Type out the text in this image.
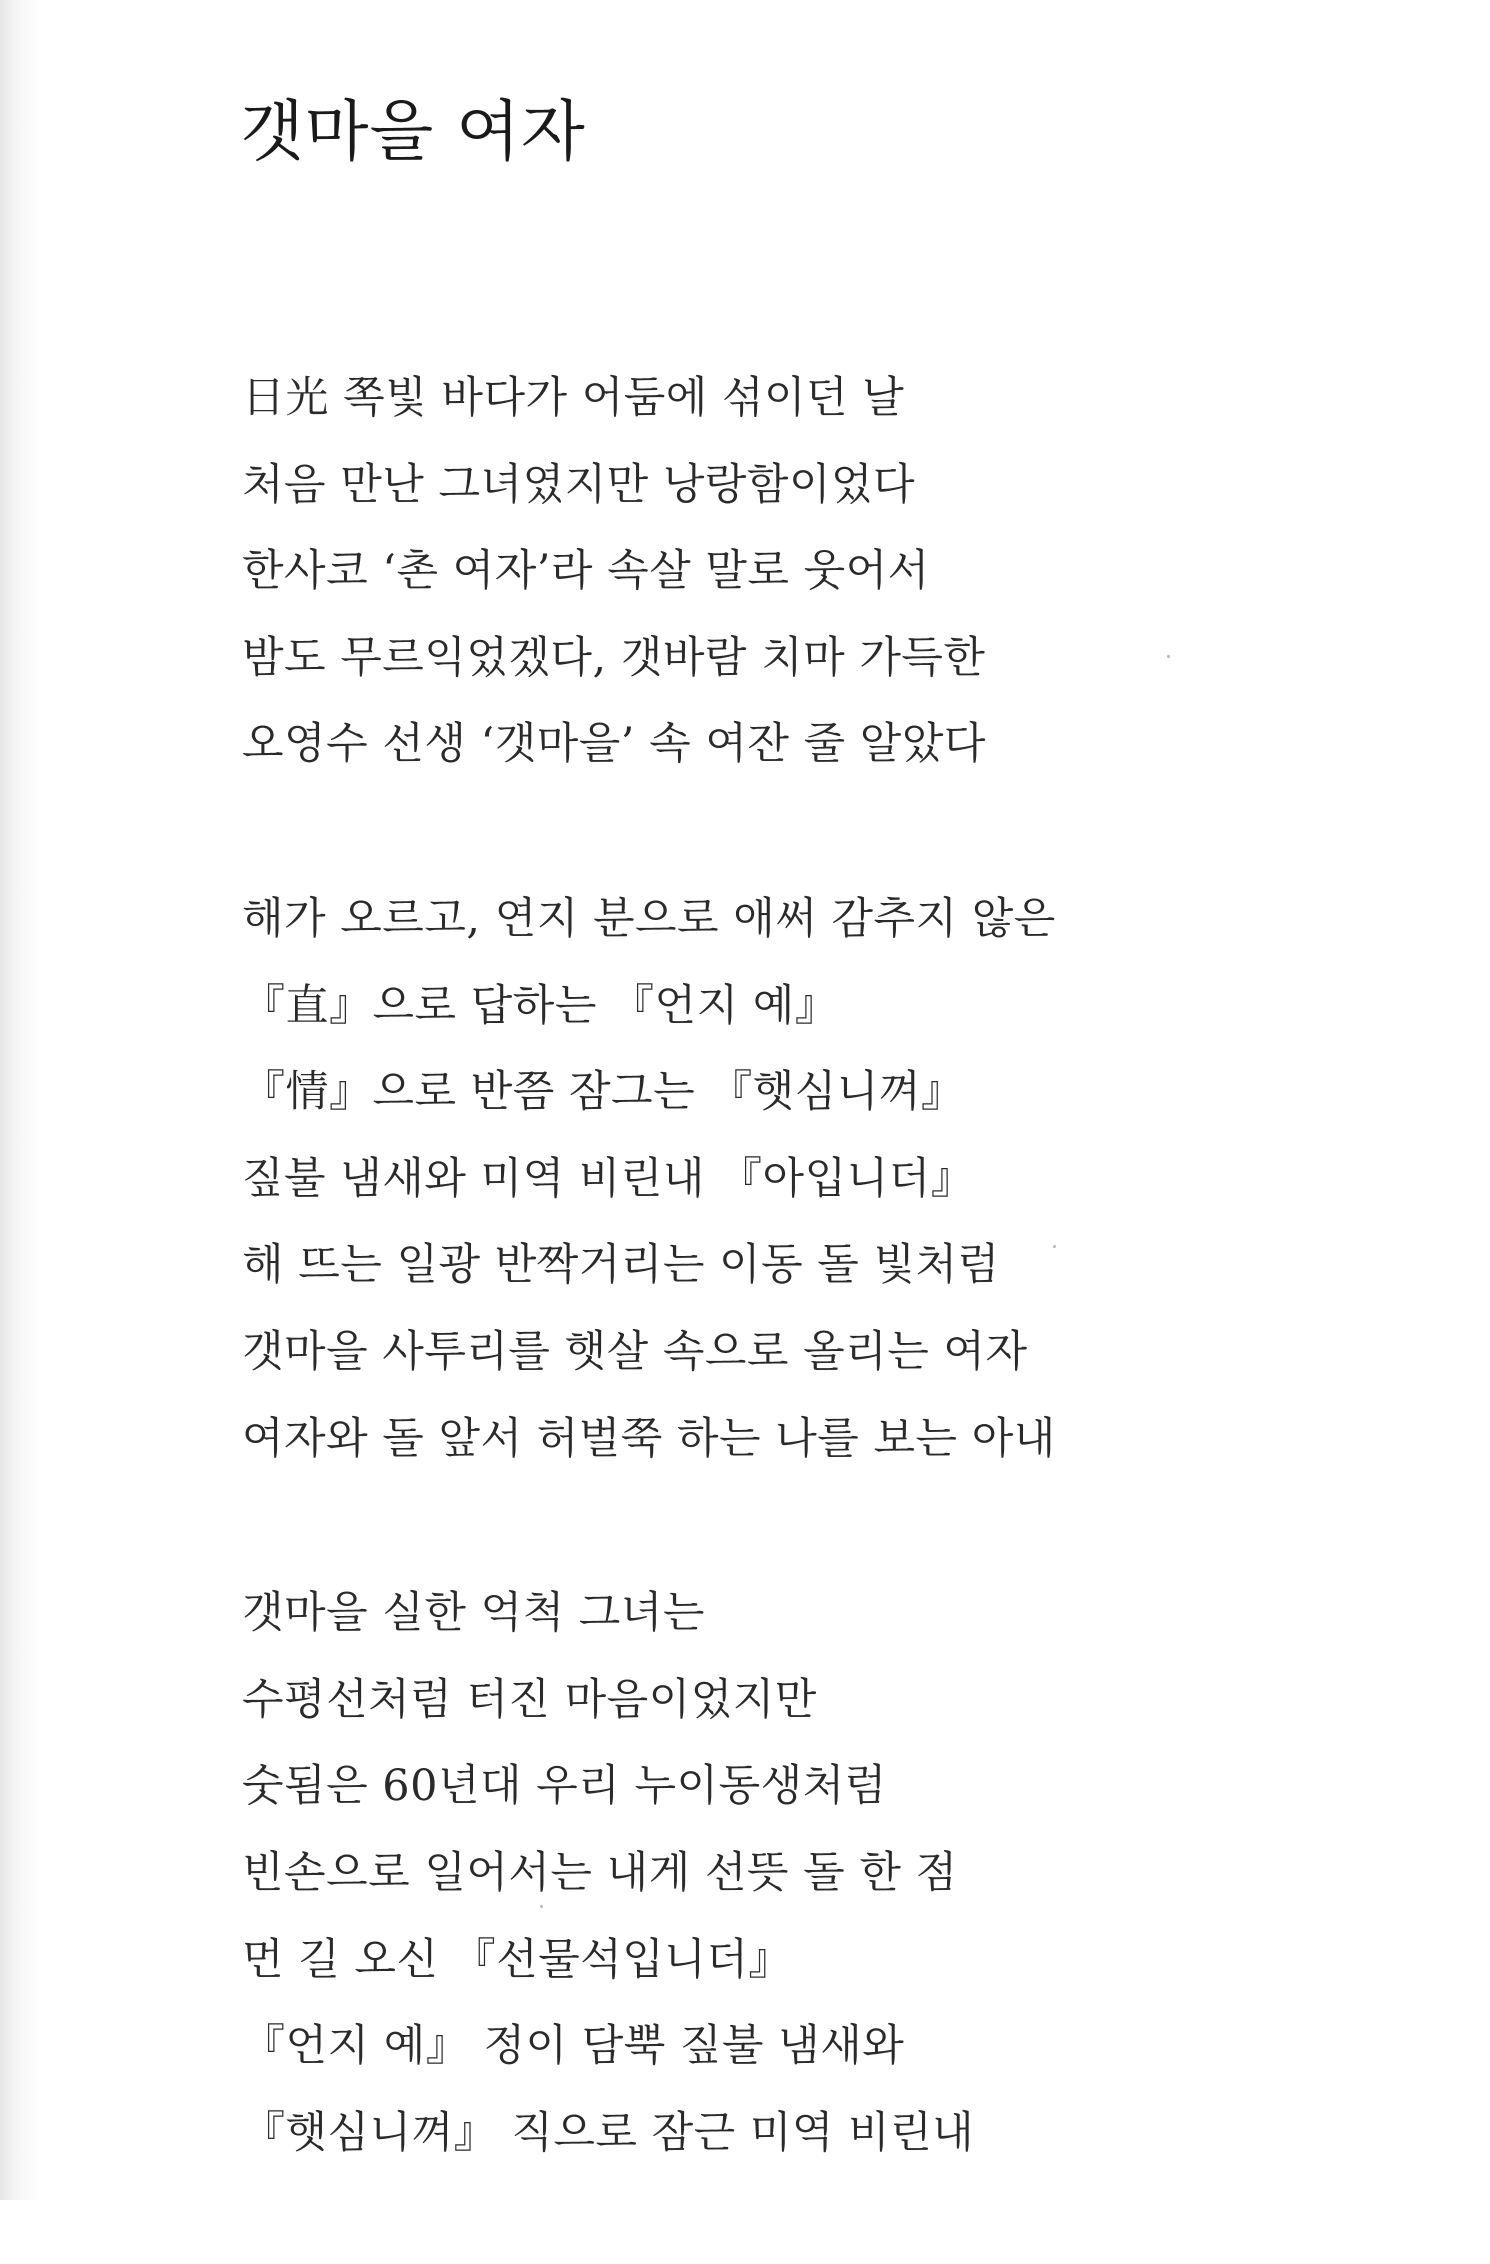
갯마을 여자
日光 쪽빛 바다가 어둠에 섞이던 날
처음 만난 그녀였지만 낭랑함이었다
한사코 ‘촌 여자’라 속살 말로 웃어서
밤도 무르익었겠다, 갯바람 치마 가득한
오영수 선생 ‘갯마을’ 속 여잔 줄 알았다
해가 오르고, 연지 분으로 애써 감추지 않은
『直』으로 답하는 『언지 예』
『情』으로 반쯤 잠그는 『햇심니껴』
짚불 냄새와 미역 비린내 『아입니더』
해 뜨는 일광 반짝거리는 이동 돌 빛처럼
갯마을 사투리를 햇살 속으로 올리는 여자
여자와 돌 앞서 허벌쭉 하는 나를 보는 아내
갯마을 실한 억척 그녀는
수평선처럼 터진 마음이었지만
숫됨은 60년대 우리 누이동생처럼
빈손으로 일어서는 내게 선뜻 돌 한 점
먼 길 오신 『선물석입니더』
『언지 예』 정이 담뿍 짚불 냄새와
『햇심니껴』 직으로 잠근 미역 비린내
